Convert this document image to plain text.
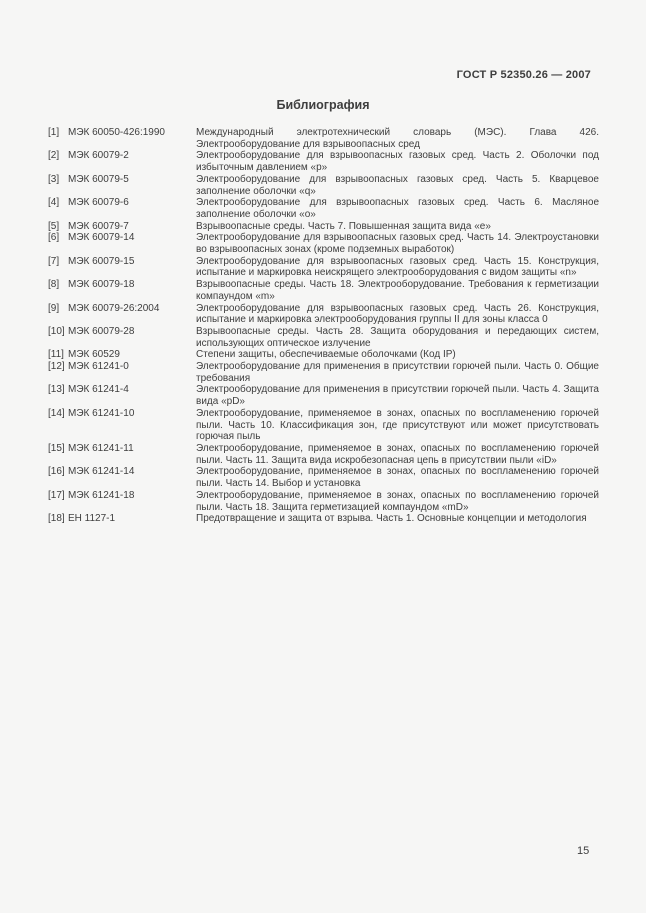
ГОСТ Р 52350.26 — 2007
Библиография
[1] МЭК 60050-426:1990	Международный электротехнический словарь (МЭС). Глава 426. Электрооборудование для взрывоопасных сред
[2] МЭК 60079-2	Электрооборудование для взрывоопасных газовых сред. Часть 2. Оболочки под избыточным давлением «р»
[3] МЭК 60079-5	Электрооборудование для взрывоопасных газовых сред. Часть 5. Кварцевое заполнение оболочки «q»
[4] МЭК 60079-6	Электрооборудование для взрывоопасных газовых сред. Часть 6. Масляное заполнение оболочки «o»
[5] МЭК 60079-7	Взрывоопасные среды. Часть 7. Повышенная защита вида «е»
[6] МЭК 60079-14	Электрооборудование для взрывоопасных газовых сред. Часть 14. Электроустановки во взрывоопасных зонах (кроме подземных выработок)
[7] МЭК 60079-15	Электрооборудование для взрывоопасных газовых сред. Часть 15. Конструкция, испытание и маркировка неискрящего электрооборудования с видом защиты «n»
[8] МЭК 60079-18	Взрывоопасные среды. Часть 18. Электрооборудование. Требования к герметизации компаундом «m»
[9] МЭК 60079-26:2004	Электрооборудование для взрывоопасных газовых сред. Часть 26. Конструкция, испытание и маркировка электрооборудования группы II для зоны класса 0
[10] МЭК 60079-28	Взрывоопасные среды. Часть 28. Защита оборудования и передающих систем, использующих оптическое излучение
[11] МЭК 60529	Степени защиты, обеспечиваемые оболочками (Код IP)
[12] МЭК 61241-0	Электрооборудование для применения в присутствии горючей пыли. Часть 0. Общие требования
[13] МЭК 61241-4	Электрооборудование для применения в присутствии горючей пыли. Часть 4. Защита вида «pD»
[14] МЭК 61241-10	Электрооборудование, применяемое в зонах, опасных по воспламенению горючей пыли. Часть 10. Классификация зон, где присутствуют или может присутствовать горючая пыль
[15] МЭК 61241-11	Электрооборудование, применяемое в зонах, опасных по воспламенению горючей пыли. Часть 11. Защита вида искробезопасная цепь в присутствии пыли «iD»
[16] МЭК 61241-14	Электрооборудование, применяемое в зонах, опасных по воспламенению горючей пыли. Часть 14. Выбор и установка
[17] МЭК 61241-18	Электрооборудование, применяемое в зонах, опасных по воспламенению горючей пыли. Часть 18. Защита герметизацией компаундом «mD»
[18] ЕН 1127-1	Предотвращение и защита от взрыва. Часть 1. Основные концепции и методология
15
